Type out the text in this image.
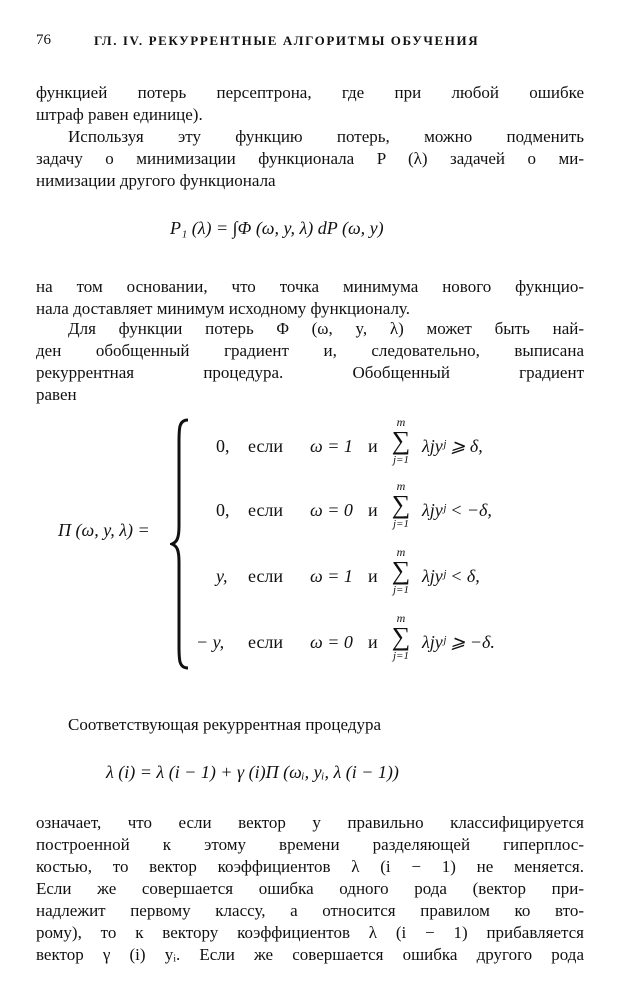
76	ГЛ. IV. РЕКУРРЕНТНЫЕ АЛГОРИТМЫ ОБУЧЕНИЯ
функцией потерь персептрона, где при любой ошибке
штраф равен единице).
Используя эту функцию потерь, можно подменить
задачу о минимизации функционала P (λ) задачей о ми-
нимизации другого функционала
P₁ (λ) = ∫Φ (ω, y, λ) dP (ω, y)
на том основании, что точка минимума нового фукнцио-
нала доставляет минимум исходному функционалу.
Для функции потерь Φ (ω, y, λ) может быть най-
ден обобщенный градиент и, следовательно, выписана
рекуррентная процедура. Обобщенный градиент
равен
Π (ω, y, λ) =
0, если ω = 1 и
m
∑
j=1
λjyʲ ⩾ δ,
0, если ω = 0 и
m
∑
j=1
λjyʲ < −δ,
y, если ω = 1 и
m
∑
j=1
λjyʲ < δ,
− y, если ω = 0 и
m
∑
j=1
λjyʲ ⩾ −δ.
Соответствующая рекуррентная процедура
λ (i) = λ (i − 1) + γ (i)Π (ωᵢ, yᵢ, λ (i − 1))
означает, что если вектор y правильно классифицируется
построенной к этому времени разделяющей гиперплос-
костью, то вектор коэффициентов λ (i − 1) не меняется.
Если же совершается ошибка одного рода (вектор при-
надлежит первому классу, а относится правилом ко вто-
рому), то к вектору коэффициентов λ (i − 1) прибавляется
вектор γ (i) yᵢ. Если же совершается ошибка другого рода
